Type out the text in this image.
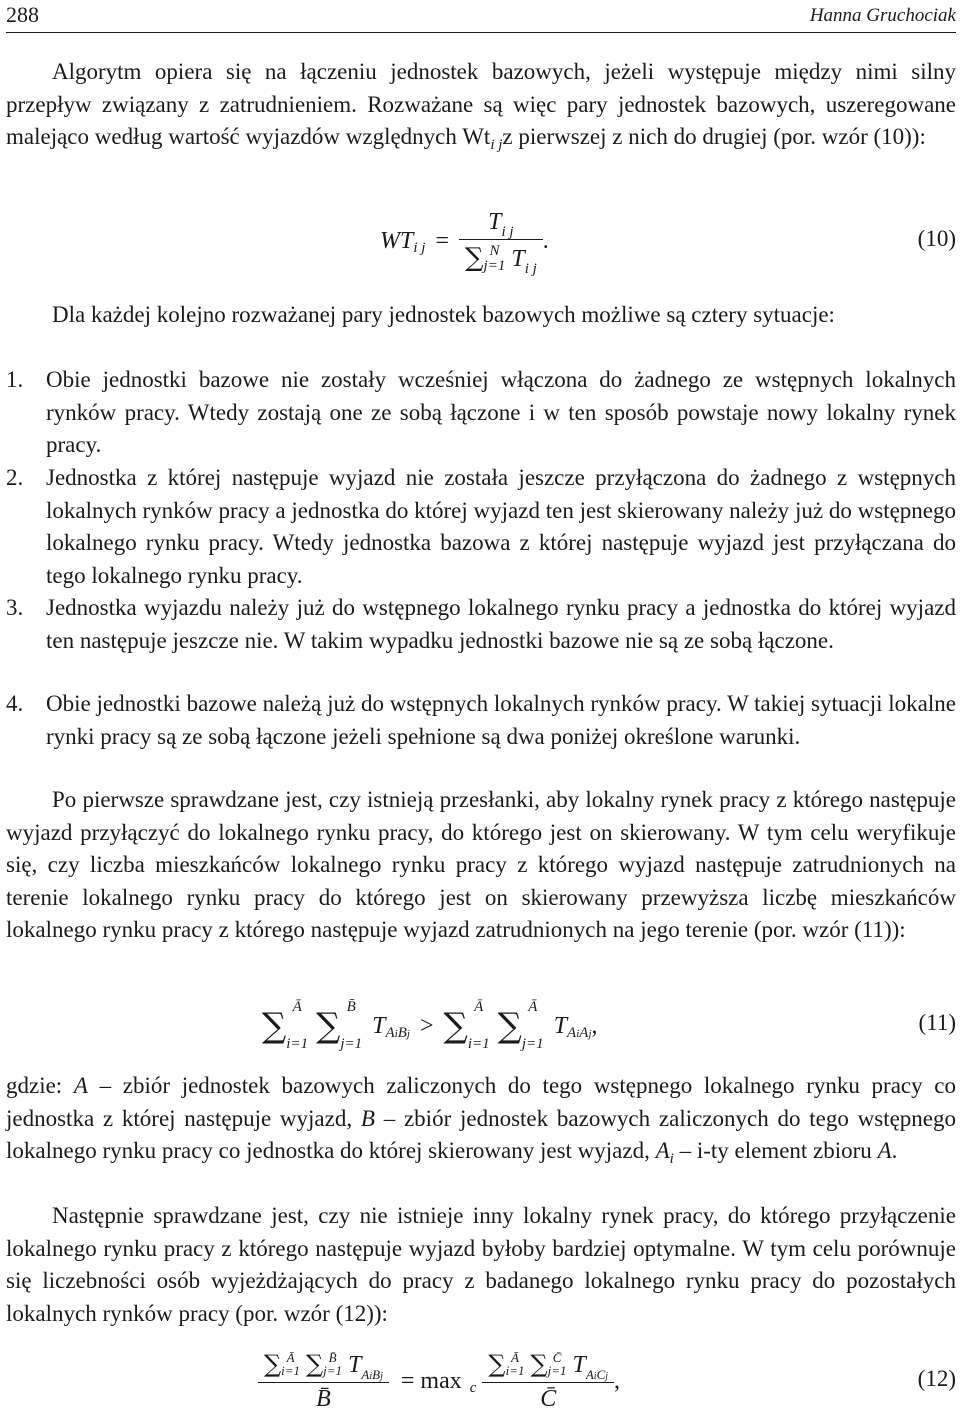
288	Hanna Gruchociak

Algorytm opiera się na łączeniu jednostek bazowych, jeżeli występuje między nimi silny przepływ związany z zatrudnieniem. Rozważane są więc pary jednostek bazowych, uszeregowane malejąco według wartość wyjazdów względnych $Wt_{i j}z$ pierwszej z nich do drugiej (por. wzór (10)):

WT i $j = T_{i j}$
∑ N
j=1 $T_{i j}$ .	(10)

Dla każdej kolejno rozważanej pary jednostek bazowych możliwe są cztery sytuacje:

1. Obie jednostki bazowe nie zostały wcześniej włączona do żadnego ze wstępnych lokalnych rynków pracy. Wtedy zostają one ze sobą łączone i w ten sposób powstaje nowy lokalny rynek pracy.
2. Jednostka z której następuje wyjazd nie została jeszcze przyłączona do żadnego z wstępnych lokalnych rynków pracy a jednostka do której wyjazd ten jest skierowany należy już do wstępnego lokalnego rynku pracy. Wtedy jednostka bazowa z której następuje wyjazd jest przyłączana do tego lokalnego rynku pracy.
3. Jednostka wyjazdu należy już do wstępnego lokalnego rynku pracy a jednostka do której wyjazd ten następuje jeszcze nie. W takim wypadku jednostki bazowe nie są ze sobą łączone.
4. Obie jednostki bazowe należą już do wstępnych lokalnych rynków pracy. W takiej sytuacji lokalne rynki pracy są ze sobą łączone jeżeli spełnione są dwa poniżej określone warunki.

Po pierwsze sprawdzane jest, czy istnieją przesłanki, aby lokalny rynek pracy z którego następuje wyjazd przyłączyć do lokalnego rynku pracy, do którego jest on skierowany. W tym celu weryfikuje się, czy liczba mieszkańców lokalnego rynku pracy z którego wyjazd następuje zatrudnionych na terenie lokalnego rynku pracy do którego jest on skierowany przewyższa liczbę mieszkańców lokalnego rynku pracy z którego następuje wyjazd zatrudnionych na jego terenie (por. wzór (11)):

∑ Ā
i=1 ∑ B̄
j=1
T AiBj > ∑ Ā
i=1 ∑ Ā
j=1
T AiAj ,	(11)

gdzie: A – zbiór jednostek bazowych zaliczonych do tego wstępnego lokalnego rynku pracy co jednostka z której następuje wyjazd, B – zbiór jednostek bazowych zaliczonych do tego wstępnego lokalnego rynku pracy co jednostka do której skierowany jest wyjazd, $A_i - i-ty$ element zbioru A.

Następnie sprawdzane jest, czy nie istnieje inny lokalny rynek pracy, do którego przyłączenie lokalnego rynku pracy z którego następuje wyjazd byłoby bardziej optymalne. W tym celu porównuje się liczebności osób wyjeżdżających do pracy z badanego lokalnego rynku pracy do pozostałych lokalnych rynków pracy (por. wzór (12)):

∑ Ā
i=1 ∑ B̄
j=1 $T_{AiBj}$
B̄ = max c ∑ Ā
i=1 ∑ C̄
j=1 $T_{AiCj}$
C̄ ,	(12)
